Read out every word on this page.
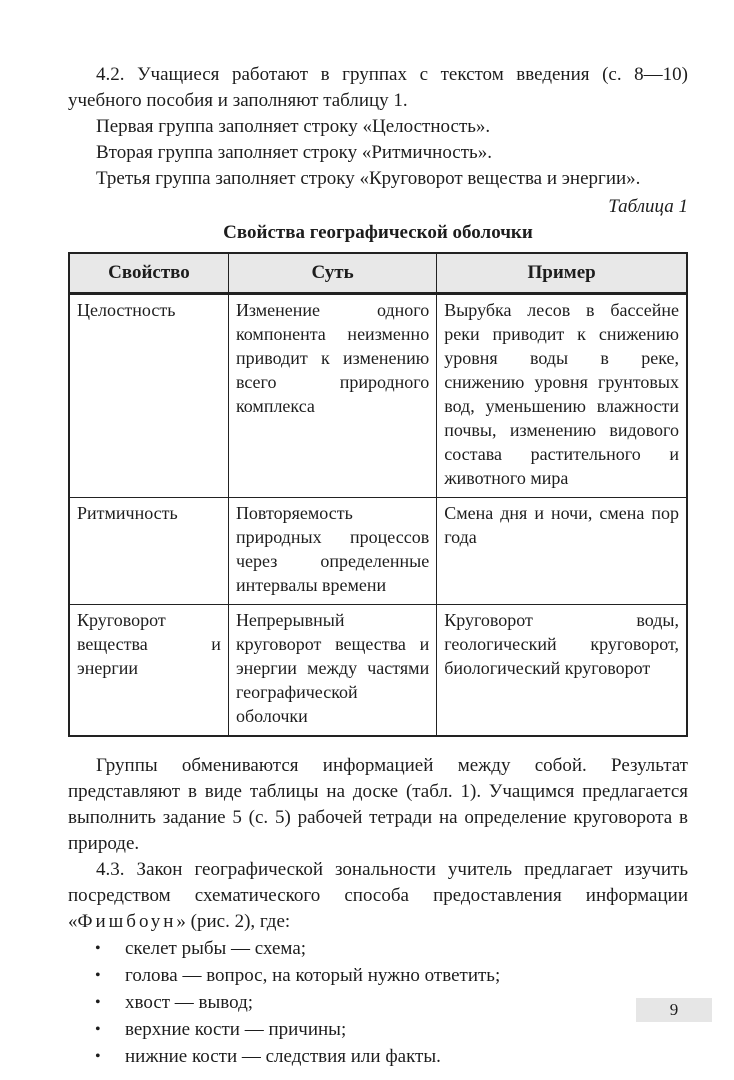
4.2. Учащиеся работают в группах с текстом введения (с. 8—10) учебного пособия и заполняют таблицу 1.

Первая группа заполняет строку «Целостность».

Вторая группа заполняет строку «Ритмичность».

Третья группа заполняет строку «Круговорот вещества и энергии».

Таблица 1

Свойства географической оболочки

Свойство	Суть	Пример
Целостность	Изменение одного компонента неизменно приводит к изменению всего природного комплекса	Вырубка лесов в бассейне реки приводит к снижению уровня воды в реке, снижению уровня грунтовых вод, уменьшению влажности почвы, изменению видового состава растительного и животного мира
Ритмичность	Повторяемость природных процессов через определенные интервалы времени	Смена дня и ночи, смена пор года
Круговорот вещества и энергии	Непрерывный круговорот вещества и энергии между частями географической оболочки	Круговорот воды, геологический круговорот, биологический круговорот

Группы обмениваются информацией между собой. Результат представляют в виде таблицы на доске (табл. 1). Учащимся предлагается выполнить задание 5 (с. 5) рабочей тетради на определение круговорота в природе.

4.3. Закон географической зональности учитель предлагает изучить посредством схематического способа предоставления информации «Фишбоун» (рис. 2), где:

•	скелет рыбы — схема;
•	голова — вопрос, на который нужно ответить;
•	хвост — вывод;
•	верхние кости — причины;
•	нижние кости — следствия или факты.
9
